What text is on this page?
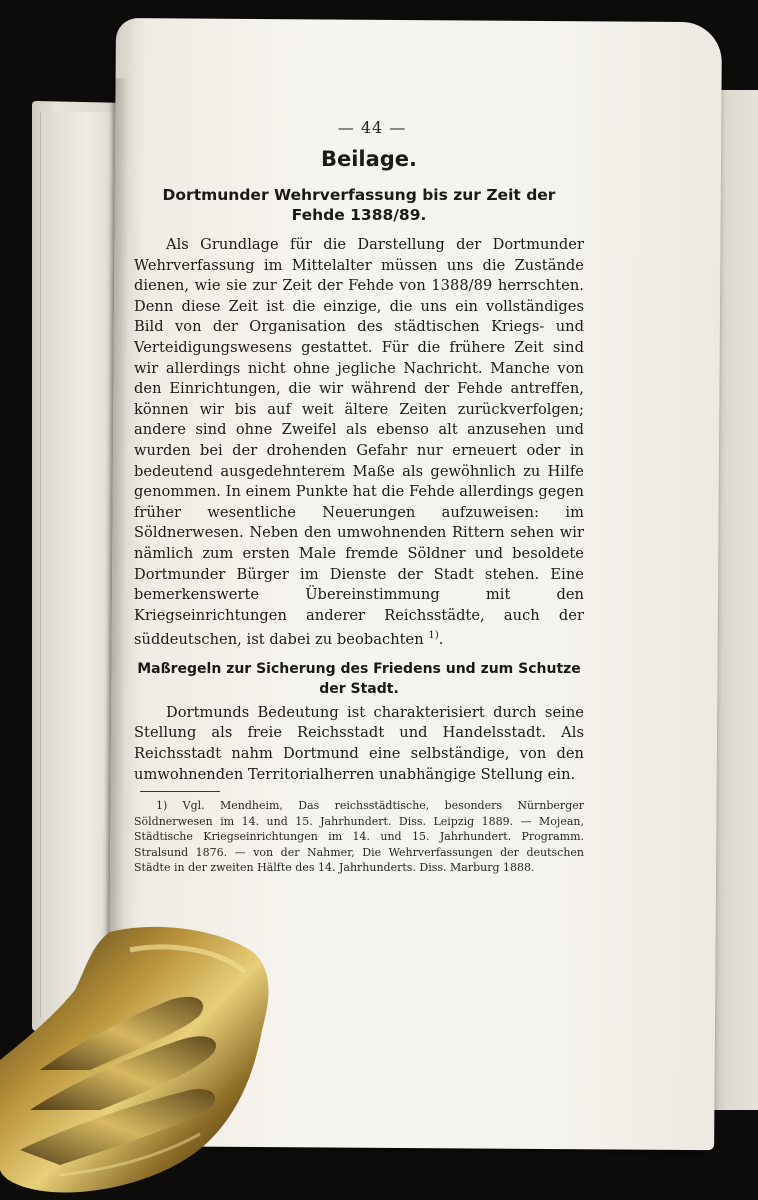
— 44 —
Beilage.
Dortmunder Wehrverfassung bis zur Zeit der Fehde 1388/89.

Als Grundlage für die Darstellung der Dortmunder Wehrverfassung im Mittelalter müssen uns die Zustände dienen, wie sie zur Zeit der Fehde von 1388/89 herrschten. Denn diese Zeit ist die einzige, die uns ein vollständiges Bild von der Organisation des städtischen Kriegs- und Verteidigungswesens gestattet. Für die frühere Zeit sind wir allerdings nicht ohne jegliche Nachricht. Manche von den Einrichtungen, die wir während der Fehde antreffen, können wir bis auf weit ältere Zeiten zurückverfolgen; andere sind ohne Zweifel als ebenso alt anzusehen und wurden bei der drohenden Gefahr nur erneuert oder in bedeutend ausgedehnterem Maße als gewöhnlich zu Hilfe genommen. In einem Punkte hat die Fehde allerdings gegen früher wesentliche Neuerungen aufzuweisen: im Söldnerwesen. Neben den umwohnenden Rittern sehen wir nämlich zum ersten Male fremde Söldner und besoldete Dortmunder Bürger im Dienste der Stadt stehen. Eine bemerkenswerte Übereinstimmung mit den Kriegseinrichtungen anderer Reichsstädte, auch der süddeutschen, ist dabei zu beobachten $^{1)}$.

Maßregeln zur Sicherung des Friedens und zum Schutze der Stadt.

Dortmunds Bedeutung ist charakterisiert durch seine Stellung als freie Reichsstadt und Handelsstadt. Als Reichsstadt nahm Dortmund eine selbständige, von den umwohnenden Territorialherren unabhängige Stellung ein.

1) Vgl. Mendheim, Das reichsstädtische, besonders Nürnberger Söldnerwesen im 14. und 15. Jahrhundert. Diss. Leipzig 1889. — Mojean, Städtische Kriegseinrichtungen im 14. und 15. Jahrhundert. Programm. Stralsund 1876. — von der Nahmer, Die Wehrverfassungen der deutschen Städte in der zweiten Hälfte des 14. Jahrhunderts. Diss. Marburg 1888.
